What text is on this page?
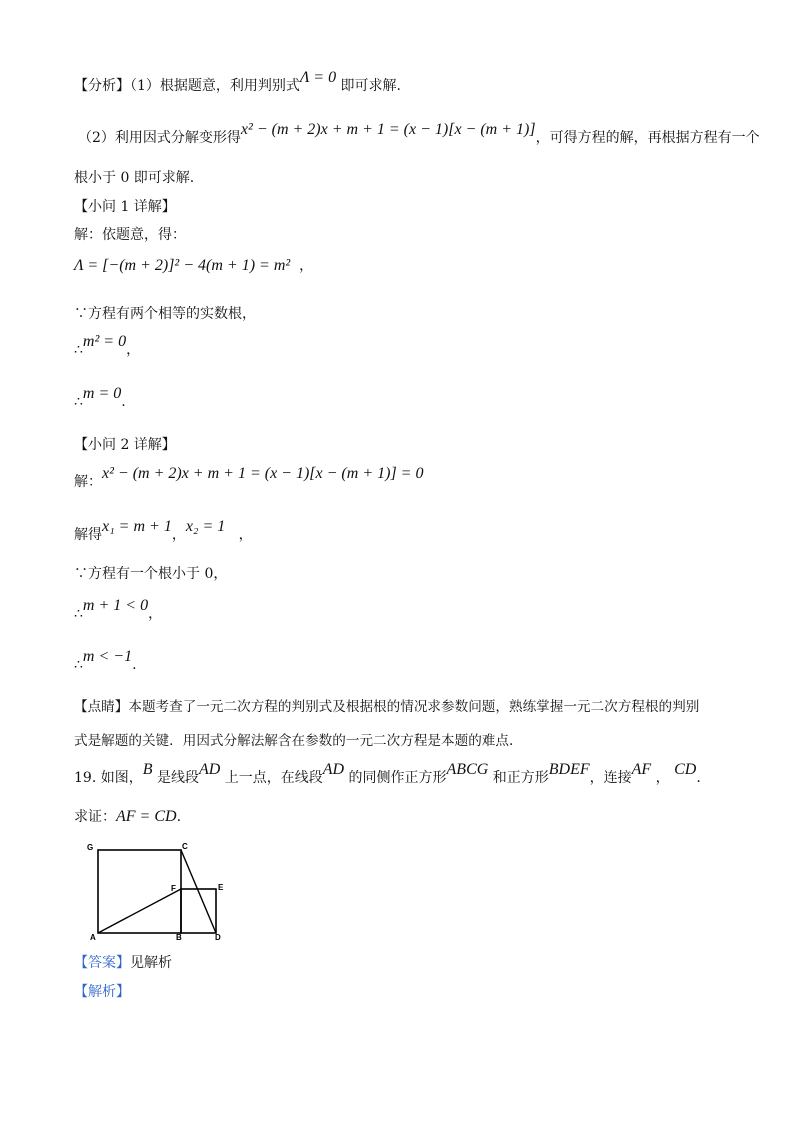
【分析】（1）根据题意，利用判别式Λ = 0 即可求解.
（2）利用因式分解变形得x² − (m + 2)x + m + 1 = (x − 1)[x − (m + 1)]，可得方程的解，再根据方程有一个
根小于 0 即可求解.
【小问 1 详解】
解：依题意，得：
Λ = [−(m + 2)]² − 4(m + 1) = m² ，
∵方程有两个相等的实数根，
∴m² = 0，
∴m = 0.
【小问 2 详解】
解：x² − (m + 2)x + m + 1 = (x − 1)[x − (m + 1)] = 0
解得x₁ = m + 1，x₂ = 1 ，
∵方程有一个根小于 0，
∴m + 1 < 0，
∴m < −1.
【点睛】本题考查了一元二次方程的判别式及根据根的情况求参数问题，熟练掌握一元二次方程根的判别
式是解题的关键．用因式分解法解含在参数的一元二次方程是本题的难点.
19. 如图，B 是线段AD 上一点，在线段AD 的同侧作正方形ABCG 和正方形BDEF，连接AF ， CD.
求证：AF = CD.
G	C
F	E
A	B	D
【答案】见解析
【解析】
